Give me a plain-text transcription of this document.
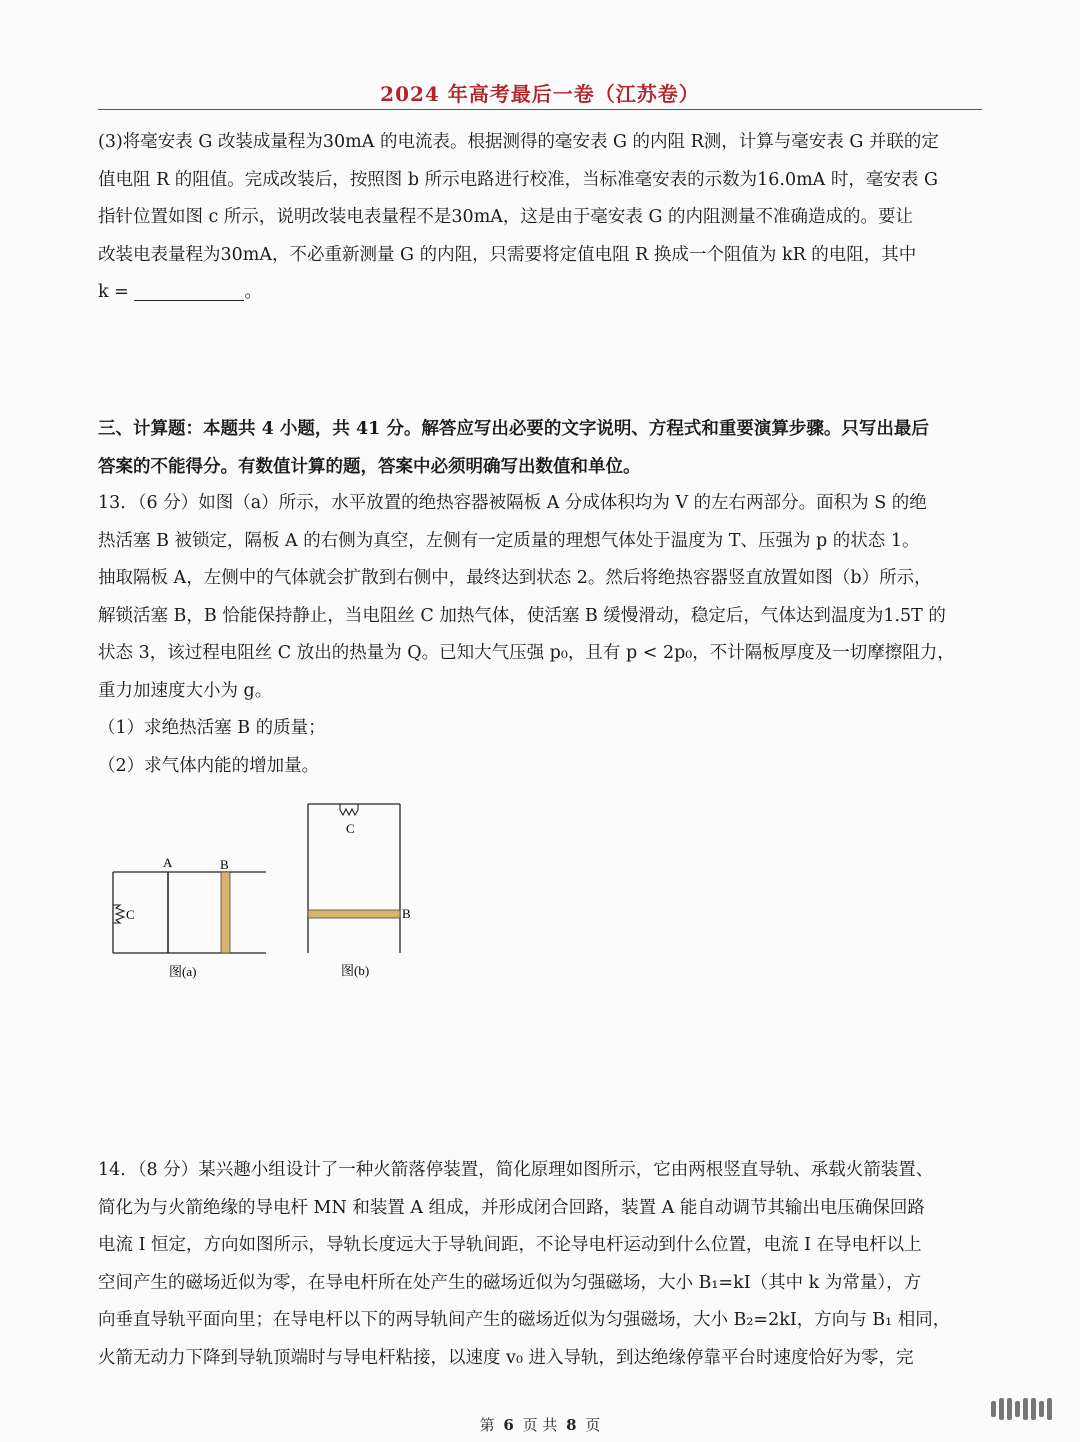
2024 年高考最后一卷（江苏卷）
(3)将毫安表 G 改装成量程为30mA 的电流表。根据测得的毫安表 G 的内阻 R测，计算与毫安表 G 并联的定
值电阻 R 的阻值。完成改装后，按照图 b 所示电路进行校准，当标准毫安表的示数为16.0mA 时，毫安表 G
指针位置如图 c 所示，说明改装电表量程不是30mA，这是由于毫安表 G 的内阻测量不准确造成的。要让
改装电表量程为30mA，不必重新测量 G 的内阻，只需要将定值电阻 R 换成一个阻值为 kR 的电阻，其中
k =	。
三、计算题：本题共 4 小题，共 41 分。解答应写出必要的文字说明、方程式和重要演算步骤。只写出最后
答案的不能得分。有数值计算的题，答案中必须明确写出数值和单位。
13．（6 分）如图（a）所示，水平放置的绝热容器被隔板 A 分成体积均为 V 的左右两部分。面积为 S 的绝
热活塞 B 被锁定，隔板 A 的右侧为真空，左侧有一定质量的理想气体处于温度为 T、压强为 p 的状态 1。
抽取隔板 A，左侧中的气体就会扩散到右侧中，最终达到状态 2。然后将绝热容器竖直放置如图（b）所示，
解锁活塞 B，B 恰能保持静止，当电阻丝 C 加热气体，使活塞 B 缓慢滑动，稳定后，气体达到温度为1.5T 的
状态 3，该过程电阻丝 C 放出的热量为 Q。已知大气压强 p₀，且有 p < 2p₀，不计隔板厚度及一切摩擦阻力，
重力加速度大小为 g。
（1）求绝热活塞 B 的质量；
（2）求气体内能的增加量。
C
A	B
图(a)
C
B
图(b)
14．（8 分）某兴趣小组设计了一种火箭落停装置，简化原理如图所示，它由两根竖直导轨、承载火箭装置、
简化为与火箭绝缘的导电杆 MN 和装置 A 组成，并形成闭合回路，装置 A 能自动调节其输出电压确保回路
电流 I 恒定，方向如图所示，导轨长度远大于导轨间距，不论导电杆运动到什么位置，电流 I 在导电杆以上
空间产生的磁场近似为零，在导电杆所在处产生的磁场近似为匀强磁场，大小 B₁=kI（其中 k 为常量），方
向垂直导轨平面向里；在导电杆以下的两导轨间产生的磁场近似为匀强磁场，大小 B₂=2kI，方向与 B₁ 相同，
火箭无动力下降到导轨顶端时与导电杆粘接，以速度 v₀ 进入导轨，到达绝缘停靠平台时速度恰好为零，完
第 6 页 共 8 页
